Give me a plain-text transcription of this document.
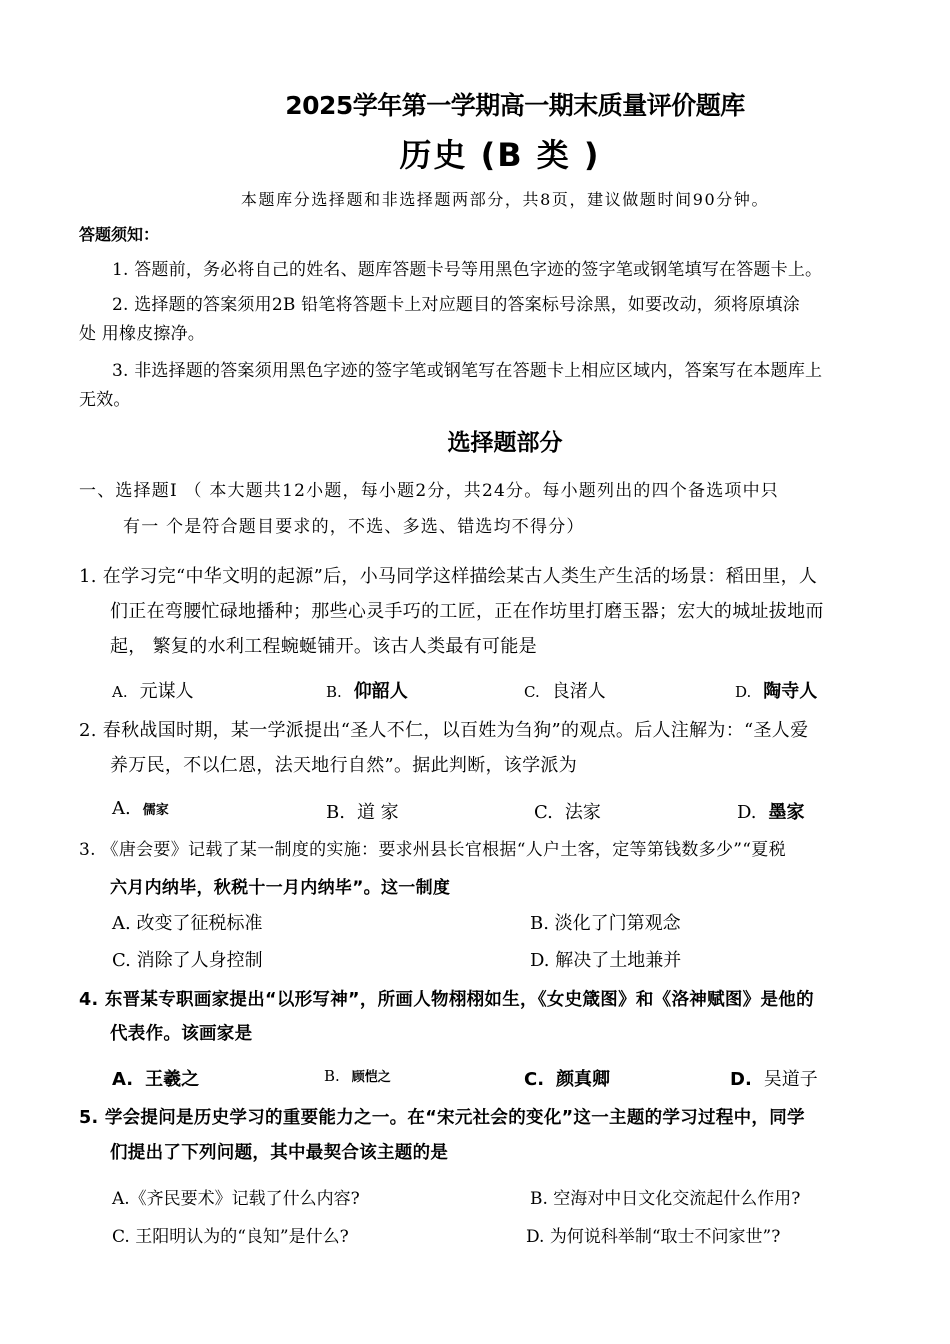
2025学年第一学期高一期末质量评价题库
历史 (B 类 )
本题库分选择题和非选择题两部分，共8页，建议做题时间90分钟。
答题须知：
1. 答题前，务必将自己的姓名、题库答题卡号等用黑色字迹的签字笔或钢笔填写在答题卡上。
2. 选择题的答案须用2B 铅笔将答题卡上对应题目的答案标号涂黑，如要改动，须将原填涂
处 用橡皮擦净。
3. 非选择题的答案须用黑色字迹的签字笔或钢笔写在答题卡上相应区域内，答案写在本题库上
无效。
选择题部分
一、选择题Ⅰ （ 本大题共12小题，每小题2分，共24分。每小题列出的四个备选项中只
有一 个是符合题目要求的，不选、多选、错选均不得分）
1. 在学习完“中华文明的起源”后，小马同学这样描绘某古人类生产生活的场景：稻田里，人
们正在弯腰忙碌地播种；那些心灵手巧的工匠，正在作坊里打磨玉器；宏大的城址拔地而
起， 繁复的水利工程蜿蜒铺开。该古人类最有可能是
A. 元谋人	B. 仰韶人	C. 良渚人	D. 陶寺人
2. 春秋战国时期，某一学派提出“圣人不仁，以百姓为刍狗”的观点。后人注解为：“圣人爱
养万民，不以仁恩，法天地行自然”。据此判断，该学派为
A. 儒家	B. 道 家	C. 法家	D. 墨家
3. 《唐会要》记载了某一制度的实施：要求州县长官根据“人户土客，定等第钱数多少”“夏税
六月内纳毕，秋税十一月内纳毕”。这一制度
A. 改变了征税标准	B. 淡化了门第观念
C. 消除了人身控制	D. 解决了土地兼并
4. 东晋某专职画家提出“以形写神”，所画人物栩栩如生，《女史箴图》和《洛神赋图》是他的
代表作。该画家是
A. 王羲之	B. 顾恺之	C. 颜真卿	D. 吴道子
5. 学会提问是历史学习的重要能力之一。在“宋元社会的变化”这一主题的学习过程中，同学
们提出了下列问题，其中最契合该主题的是
A.《齐民要术》记载了什么内容?	B. 空海对中日文化交流起什么作用?
C. 王阳明认为的“良知”是什么?	D. 为何说科举制“取士不问家世”?
